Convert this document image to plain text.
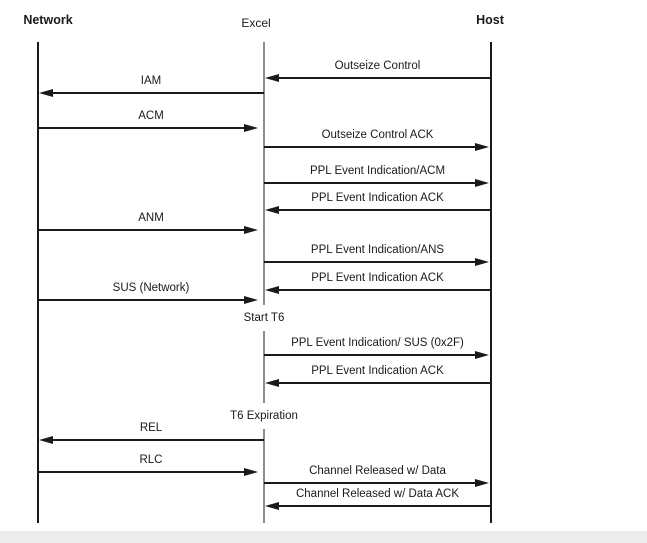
Network	Excel	Host
Start T6
T6 Expiration
Outseize Control
IAM
ACM
Outseize Control ACK
PPL Event Indication/ACM
PPL Event Indication ACK
ANM
PPL Event Indication/ANS
PPL Event Indication ACK
SUS (Network)
PPL Event Indication/ SUS (0x2F)
PPL Event Indication ACK
REL
RLC
Channel Released w/ Data
Channel Released w/ Data ACK
